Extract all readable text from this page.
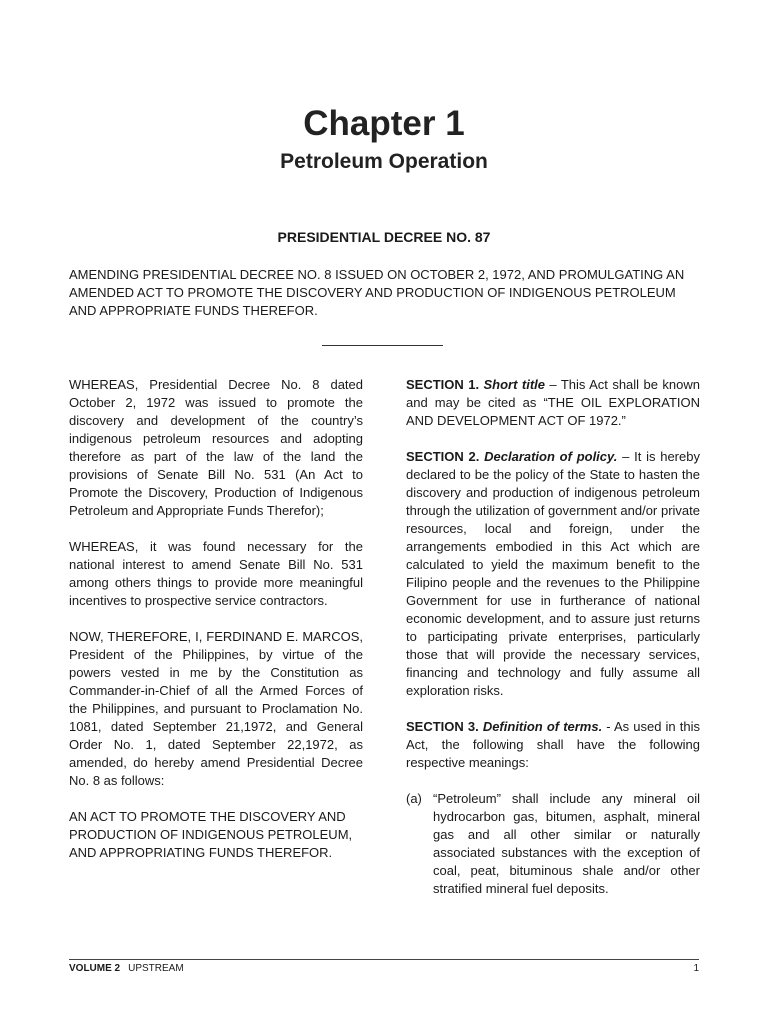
Chapter 1
Petroleum Operation
PRESIDENTIAL DECREE NO. 87
AMENDING PRESIDENTIAL DECREE NO. 8 ISSUED ON OCTOBER 2, 1972, AND PROMULGATING AN AMENDED ACT TO PROMOTE THE DISCOVERY AND PRODUCTION OF INDIGENOUS PETROLEUM AND APPROPRIATE FUNDS THEREFOR.

WHEREAS, Presidential Decree No. 8 dated October 2, 1972 was issued to promote the discovery and development of the country’s indigenous petroleum resources and adopting therefore as part of the law of the land the provisions of Senate Bill No. 531 (An Act to Promote the Discovery, Production of Indigenous Petroleum and Appropriate Funds Therefor);

WHEREAS, it was found necessary for the national interest to amend Senate Bill No. 531 among others things to provide more meaningful incentives to prospective service contractors.

NOW, THEREFORE, I, FERDINAND E. MARCOS, President of the Philippines, by virtue of the powers vested in me by the Constitution as Commander-in-Chief of all the Armed Forces of the Philippines, and pursuant to Proclamation No. 1081, dated September 21,1972, and General Order No. 1, dated September 22,1972, as amended, do hereby amend Presidential Decree No. 8 as follows:

AN ACT TO PROMOTE THE DISCOVERY AND PRODUCTION OF INDIGENOUS PETROLEUM, AND APPROPRIATING FUNDS THEREFOR.

SECTION 1. Short title – This Act shall be known and may be cited as “THE OIL EXPLORATION AND DEVELOPMENT ACT OF 1972.”

SECTION 2. Declaration of policy. – It is hereby declared to be the policy of the State to hasten the discovery and production of indigenous petroleum through the utilization of government and/or private resources, local and foreign, under the arrangements embodied in this Act which are calculated to yield the maximum benefit to the Filipino people and the revenues to the Philippine Government for use in furtherance of national economic development, and to assure just returns to participating private enterprises, particularly those that will provide the necessary services, financing and technology and fully assume all exploration risks.

SECTION 3. Definition of terms. - As used in this Act, the following shall have the following respective meanings:

(a) “Petroleum” shall include any mineral oil hydrocarbon gas, bitumen, asphalt, mineral gas and all other similar or naturally associated substances with the exception of coal, peat, bituminous shale and/or other stratified mineral fuel deposits.
VOLUME 2 UPSTREAM	1
